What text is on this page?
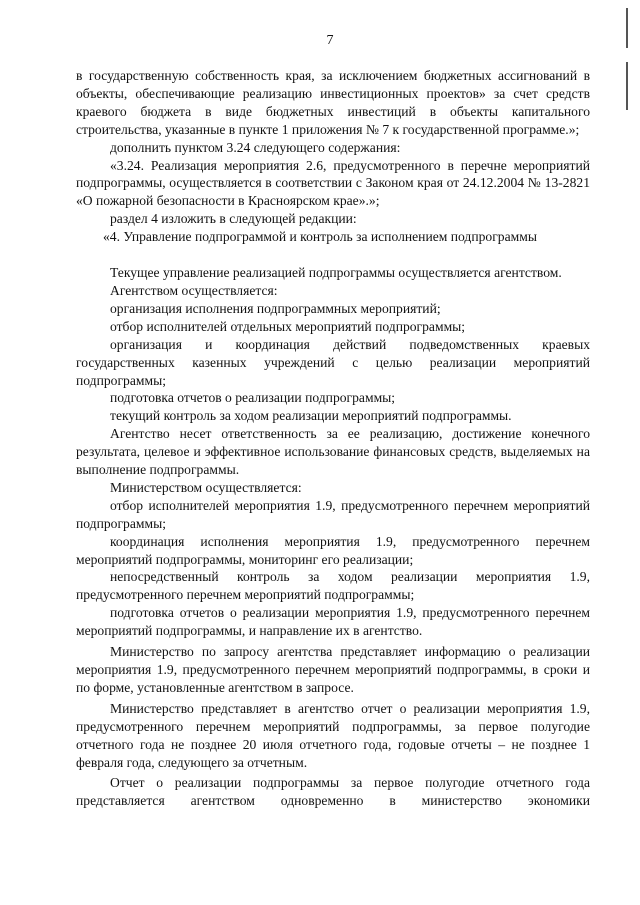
7

в государственную собственность края, за исключением бюджетных ассигнований в объекты, обеспечивающие реализацию инвестиционных проектов» за счет средств краевого бюджета в виде бюджетных инвестиций в объекты капитального строительства, указанные в пункте 1 приложения № 7 к государственной программе.»;

дополнить пунктом 3.24 следующего содержания:

«3.24. Реализация мероприятия 2.6, предусмотренного в перечне мероприятий подпрограммы, осуществляется в соответствии с Законом края от 24.12.2004 № 13-2821 «О пожарной безопасности в Красноярском крае».»;

раздел 4 изложить в следующей редакции:

«4. Управление подпрограммой и контроль за исполнением подпрограммы

Текущее управление реализацией подпрограммы осуществляется агентством.

Агентством осуществляется:

организация исполнения подпрограммных мероприятий;

отбор исполнителей отдельных мероприятий подпрограммы;

организация и координация действий подведомственных краевых государственных казенных учреждений с целью реализации мероприятий подпрограммы;

подготовка отчетов о реализации подпрограммы;

текущий контроль за ходом реализации мероприятий подпрограммы.

Агентство несет ответственность за ее реализацию, достижение конечного результата, целевое и эффективное использование финансовых средств, выделяемых на выполнение подпрограммы.

Министерством осуществляется:

отбор исполнителей мероприятия 1.9, предусмотренного перечнем мероприятий подпрограммы;

координация исполнения мероприятия 1.9, предусмотренного перечнем мероприятий подпрограммы, мониторинг его реализации;

непосредственный контроль за ходом реализации мероприятия 1.9, предусмотренного перечнем мероприятий подпрограммы;

подготовка отчетов о реализации мероприятия 1.9, предусмотренного перечнем мероприятий подпрограммы, и направление их в агентство.

Министерство по запросу агентства представляет информацию о реализации мероприятия 1.9, предусмотренного перечнем мероприятий подпрограммы, в сроки и по форме, установленные агентством в запросе.

Министерство представляет в агентство отчет о реализации мероприятия 1.9, предусмотренного перечнем мероприятий подпрограммы, за первое полугодие отчетного года не позднее 20 июля отчетного года, годовые отчеты – не позднее 1 февраля года, следующего за отчетным.

Отчет о реализации подпрограммы за первое полугодие отчетного года представляется агентством одновременно в министерство экономики
